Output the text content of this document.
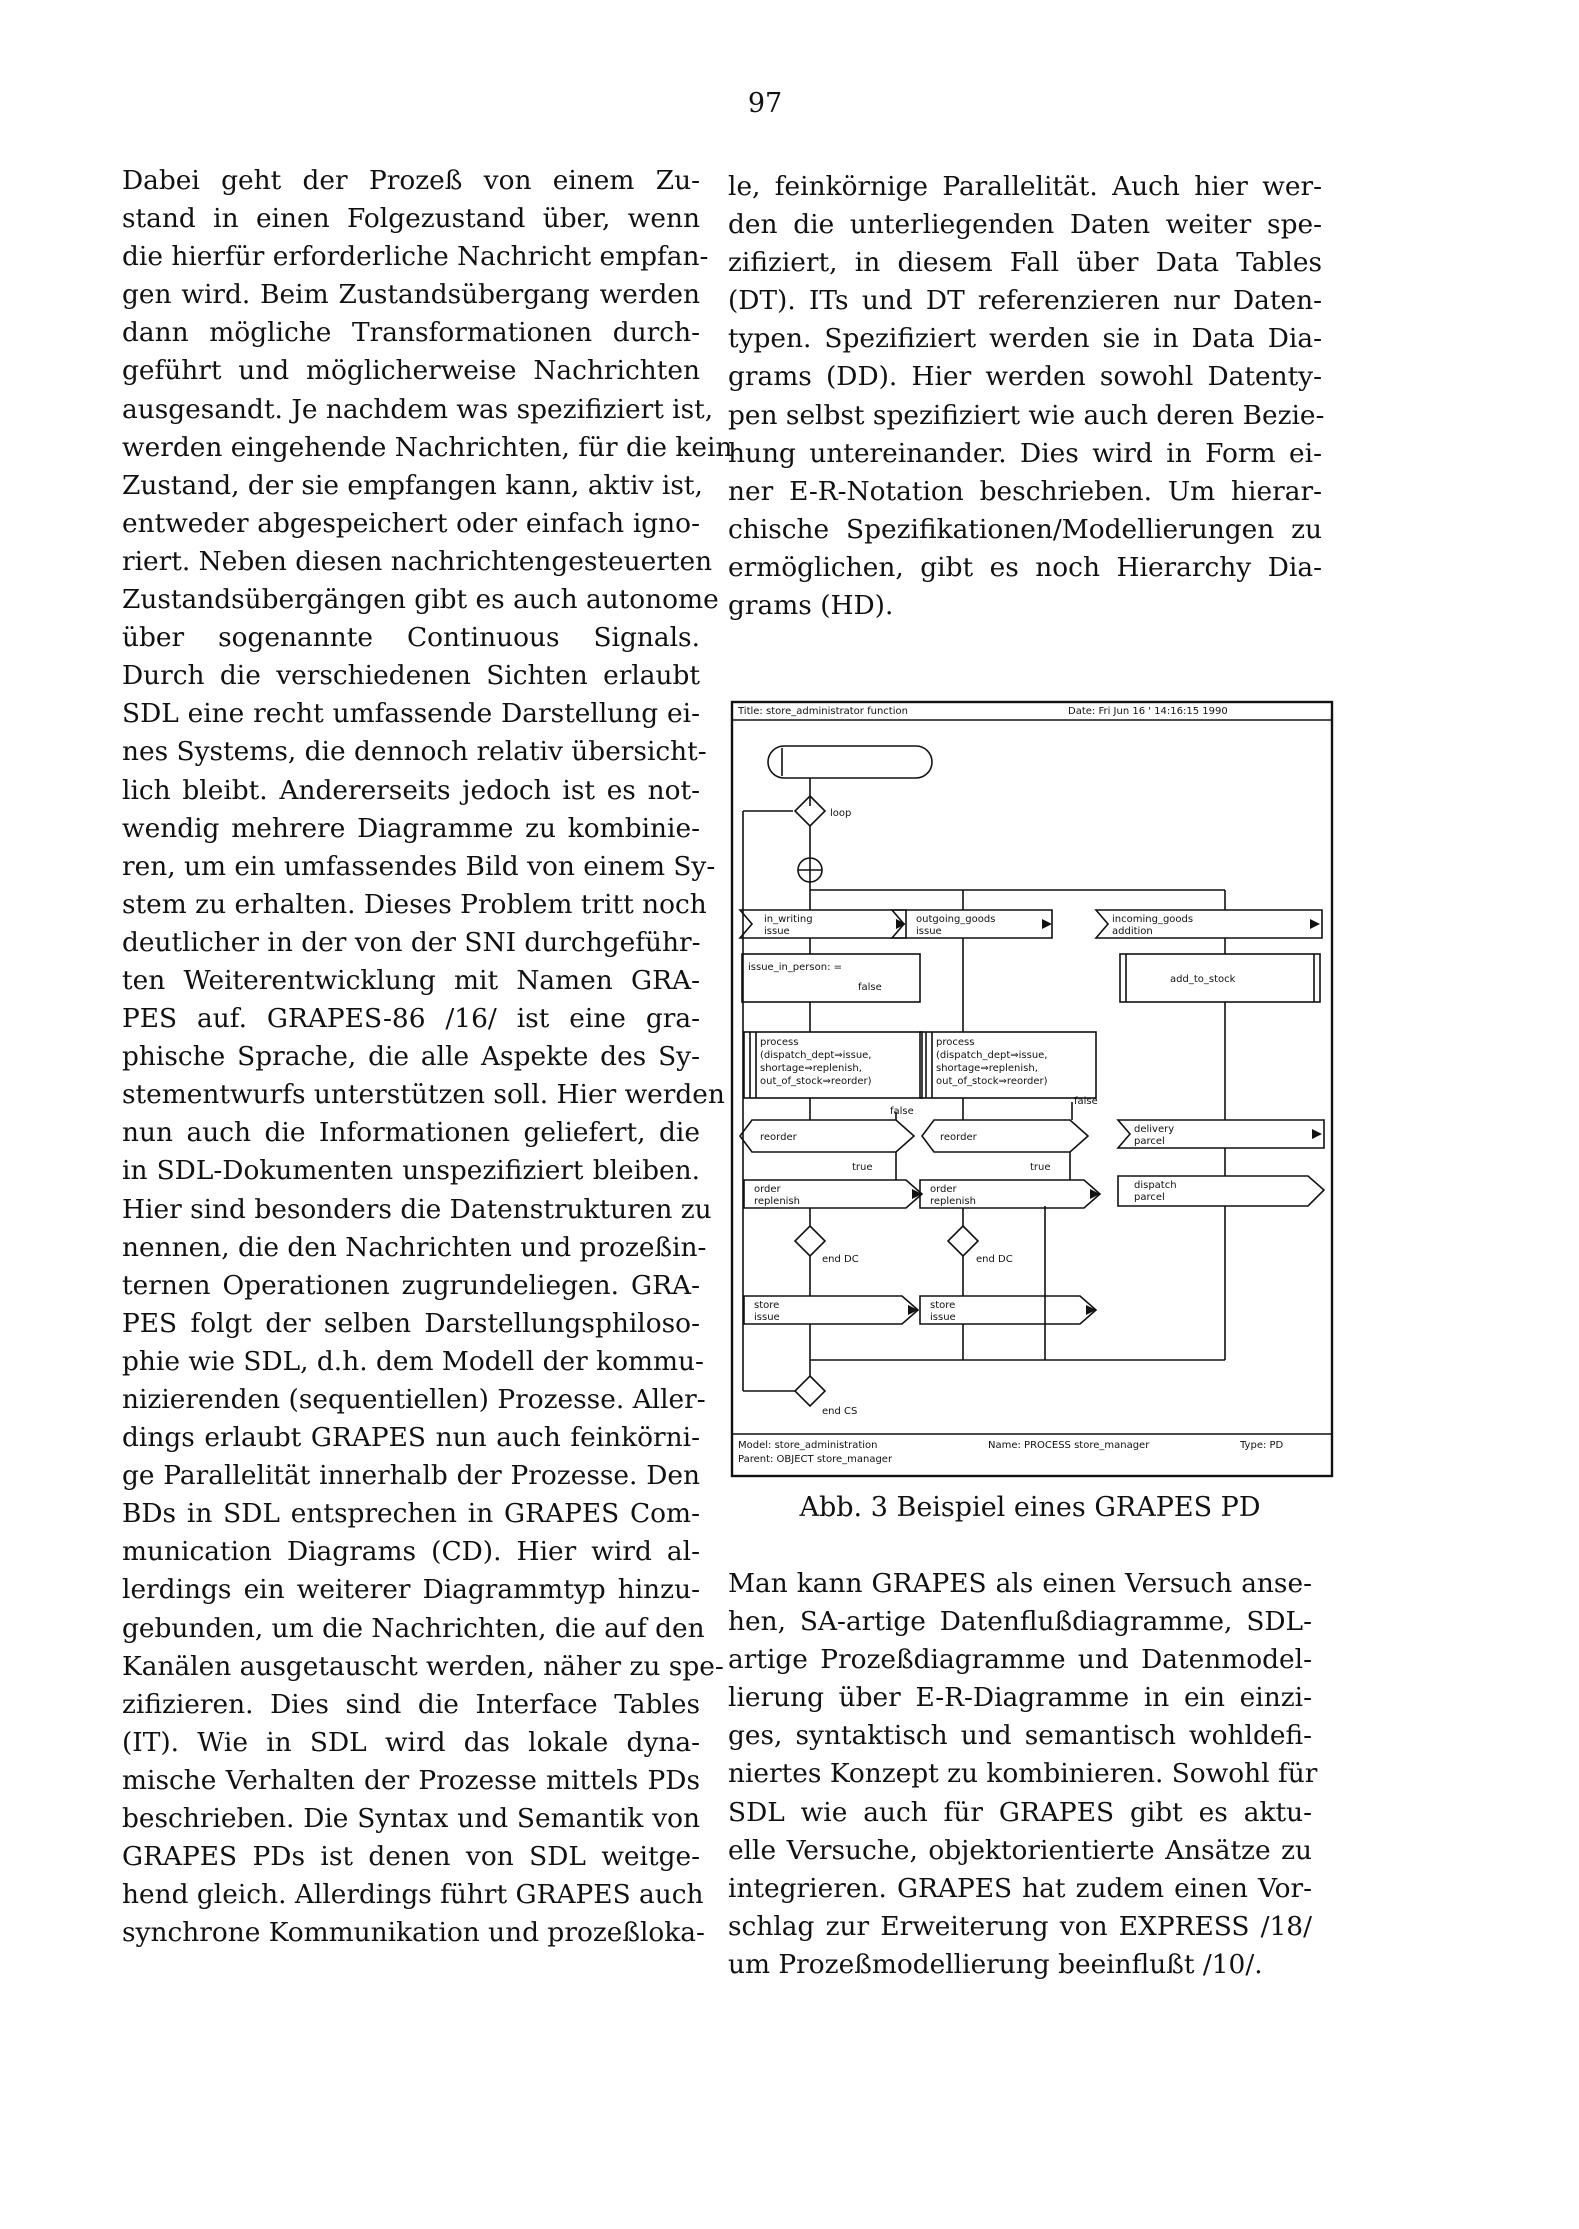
97
Dabei geht der Prozeß von einem Zu-
stand in einen Folgezustand über, wenn
die hierfür erforderliche Nachricht empfan-
gen wird. Beim Zustandsübergang werden
dann mögliche Transformationen durch-
geführt und möglicherweise Nachrichten
ausgesandt. Je nachdem was spezifiziert ist,
werden eingehende Nachrichten, für die kein
Zustand, der sie empfangen kann, aktiv ist,
entweder abgespeichert oder einfach igno-
riert. Neben diesen nachrichtengesteuerten
Zustandsübergängen gibt es auch autonome
über sogenannte Continuous Signals.
Durch die verschiedenen Sichten erlaubt
SDL eine recht umfassende Darstellung ei-
nes Systems, die dennoch relativ übersicht-
lich bleibt. Andererseits jedoch ist es not-
wendig mehrere Diagramme zu kombinie-
ren, um ein umfassendes Bild von einem Sy-
stem zu erhalten. Dieses Problem tritt noch
deutlicher in der von der SNI durchgeführ-
ten Weiterentwicklung mit Namen GRA-
PES auf. GRAPES-86 /16/ ist eine gra-
phische Sprache, die alle Aspekte des Sy-
stementwurfs unterstützen soll. Hier werden
nun auch die Informationen geliefert, die
in SDL-Dokumenten unspezifiziert bleiben.
Hier sind besonders die Datenstrukturen zu
nennen, die den Nachrichten und prozeßin-
ternen Operationen zugrundeliegen. GRA-
PES folgt der selben Darstellungsphiloso-
phie wie SDL, d.h. dem Modell der kommu-
nizierenden (sequentiellen) Prozesse. Aller-
dings erlaubt GRAPES nun auch feinkörni-
ge Parallelität innerhalb der Prozesse. Den
BDs in SDL entsprechen in GRAPES Com-
munication Diagrams (CD). Hier wird al-
lerdings ein weiterer Diagrammtyp hinzu-
gebunden, um die Nachrichten, die auf den
Kanälen ausgetauscht werden, näher zu spe-
zifizieren. Dies sind die Interface Tables
(IT). Wie in SDL wird das lokale dyna-
mische Verhalten der Prozesse mittels PDs
beschrieben. Die Syntax und Semantik von
GRAPES PDs ist denen von SDL weitge-
hend gleich. Allerdings führt GRAPES auch
synchrone Kommunikation und prozeßloka-
le, feinkörnige Parallelität. Auch hier wer-
den die unterliegenden Daten weiter spe-
zifiziert, in diesem Fall über Data Tables
(DT). ITs und DT referenzieren nur Daten-
typen. Spezifiziert werden sie in Data Dia-
grams (DD). Hier werden sowohl Datenty-
pen selbst spezifiziert wie auch deren Bezie-
hung untereinander. Dies wird in Form ei-
ner E-R-Notation beschrieben. Um hierar-
chische Spezifikationen/Modellierungen zu
ermöglichen, gibt es noch Hierarchy Dia-
grams (HD).
Title: store_administrator function	Date: Fri Jun 16 ' 14:16:15 1990
loop
in_writing
issue
outgoing_goods
issue
incoming_goods
addition
issue_in_person: =
false
add_to_stock
process
(dispatch_dept⇒issue,
shortage⇒replenish,
out_of_stock⇒reorder)
process
(dispatch_dept⇒issue,
shortage⇒replenish,
out_of_stock⇒reorder)
reorder	reorder
false
false
true	true
delivery
parcel
dispatch
parcel
order
replenish
order
replenish
end DC	end DC
store
issue
store
issue
end CS
Model: store_administration
Parent: OBJECT store_manager
Name: PROCESS store_manager	Type: PD
Abb. 3 Beispiel eines GRAPES PD
Man kann GRAPES als einen Versuch anse-
hen, SA-artige Datenflußdiagramme, SDL-
artige Prozeßdiagramme und Datenmodel-
lierung über E-R-Diagramme in ein einzi-
ges, syntaktisch und semantisch wohldefi-
niertes Konzept zu kombinieren. Sowohl für
SDL wie auch für GRAPES gibt es aktu-
elle Versuche, objektorientierte Ansätze zu
integrieren. GRAPES hat zudem einen Vor-
schlag zur Erweiterung von EXPRESS /18/
um Prozeßmodellierung beeinflußt /10/.
